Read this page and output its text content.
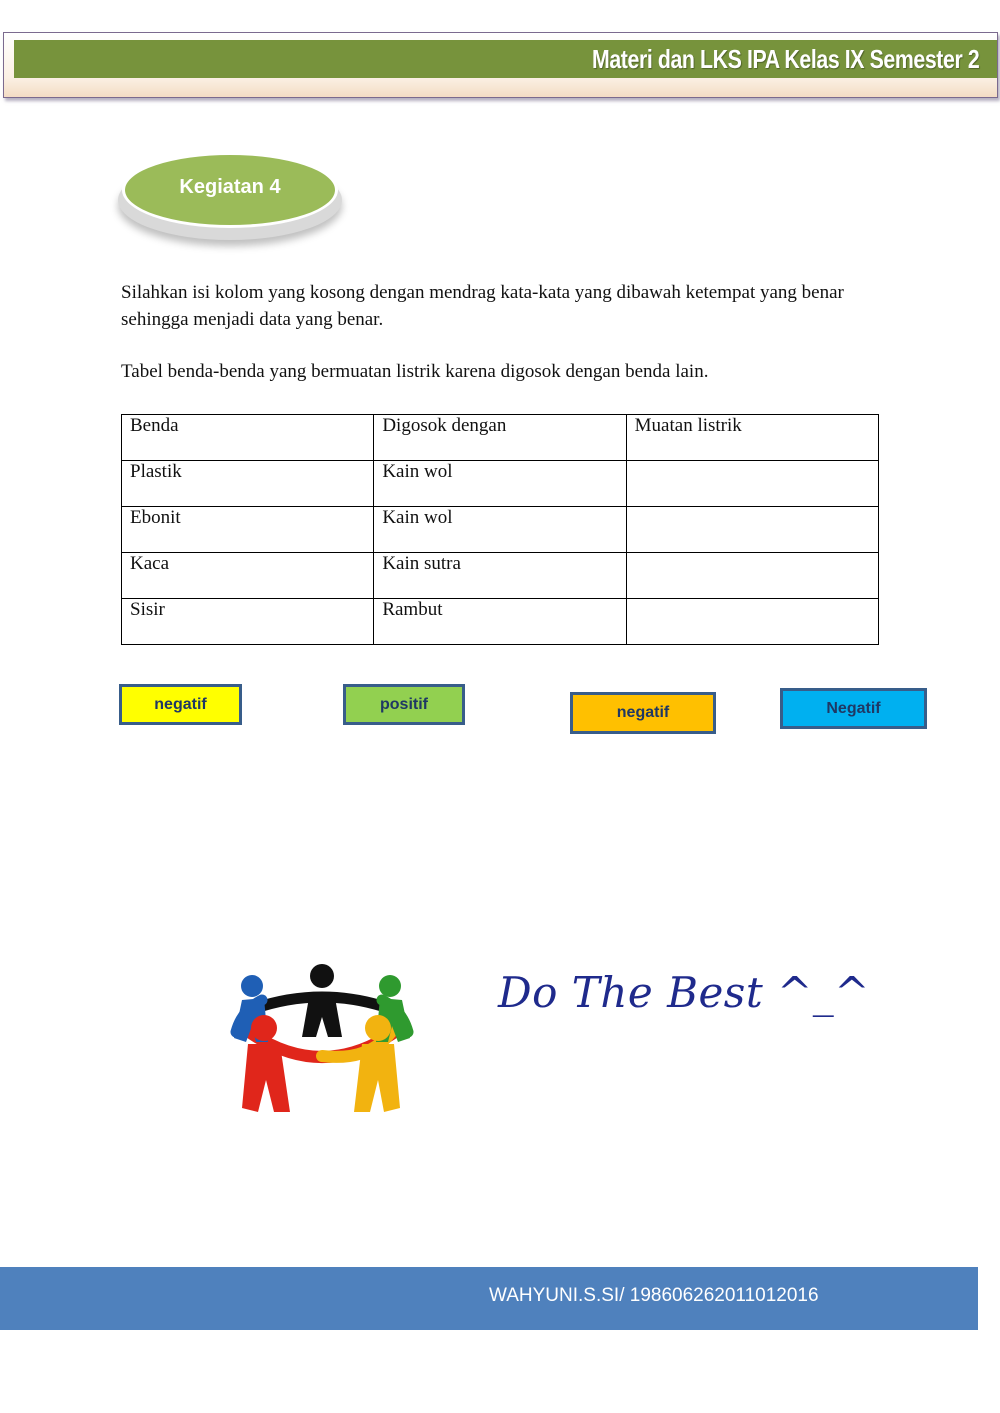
Materi dan LKS IPA Kelas IX Semester 2
Kegiatan 4
Silahkan isi kolom yang kosong dengan mendrag kata-kata yang dibawah ketempat yang benar
sehingga menjadi data yang benar.
Tabel benda-benda yang bermuatan listrik karena digosok dengan benda lain.
Benda	Digosok dengan	Muatan listrik
Plastik	Kain wol	
Ebonit	Kain wol	
Kaca	Kain sutra	
Sisir	Rambut	
negatif	positif	negatif	Negatif
Do The Best ^_^
WAHYUNI.S.SI/ 198606262011012016
